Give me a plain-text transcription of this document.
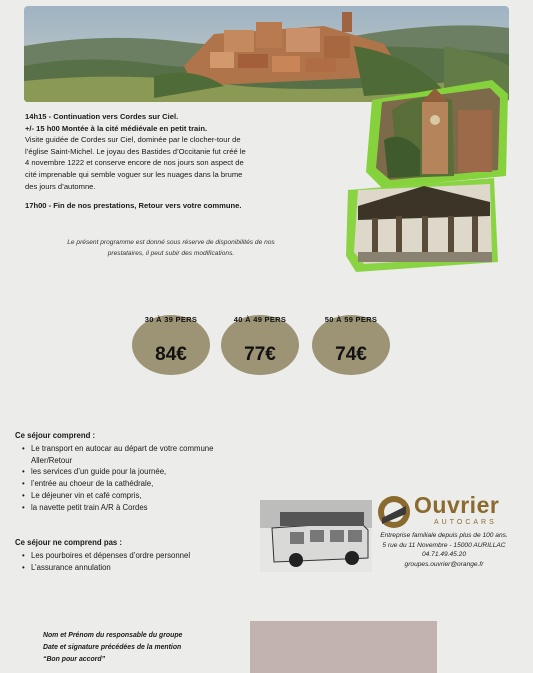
14h15 - Continuation vers Cordes sur Ciel.
+/- 15 h00 Montée à la cité médiévale en petit train.
Visite guidée de Cordes sur Ciel, dominée par le clocher-tour de
l’église Saint-Michel. Le joyau des Bastides d’Occitanie fut créé le
4 novembre 1222 et conserve encore de nos jours son aspect de
cité imprenable qui semble voguer sur les nuages dans la brume
des jours d’automne.
17h00 - Fin de nos prestations, Retour vers votre commune.
Le présent programme est donné sous réserve de disponibilités de nos
prestataires, il peut subir des modifications.
30 À 39 PERS
84€
40 À 49 PERS
77€
50 À 59 PERS
74€
Ce séjour comprend :
• Le transport en autocar au départ de votre commune
Aller/Retour
• les services d’un guide pour la journée,
• l’entrée au choeur de la cathédrale,
• Le déjeuner vin et café compris,
• la navette petit train A/R à Cordes
Ce séjour ne comprend pas :
• Les pourboires et dépenses d’ordre personnel
• L’assurance annulation
Ouvrier
AUTOCARS
Entreprise familiale depuis plus de 100 ans.
5 rue du 11 Novembre - 15000 AURILLAC
04.71.49.45.20
groupes.ouvrier@orange.fr
Nom et Prénom du responsable du groupe
Date et signature précédées de la mention
“Bon pour accord”
